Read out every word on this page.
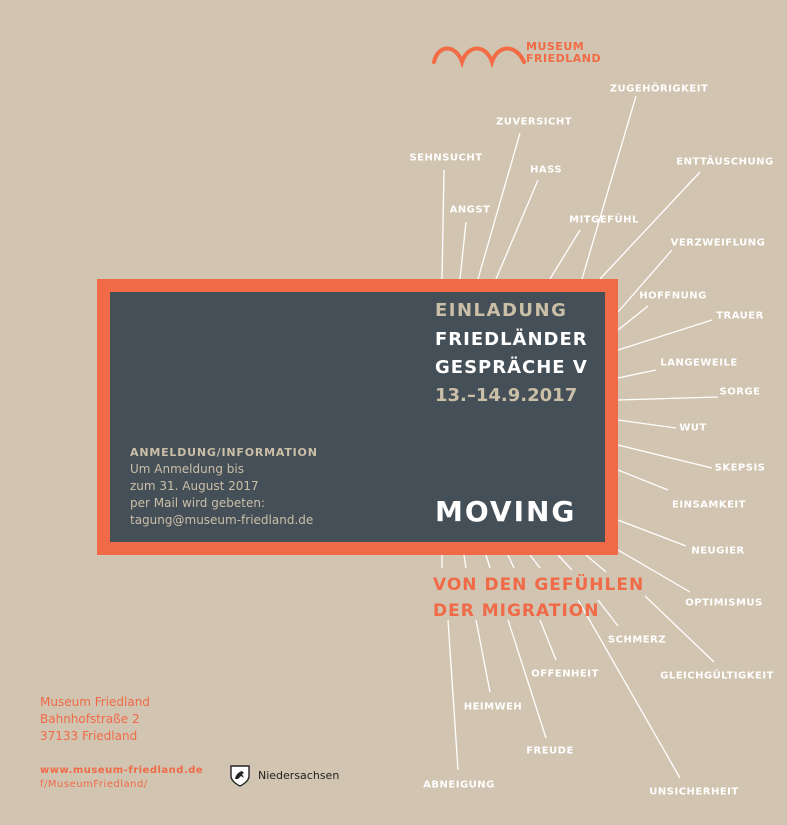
MUSEUM
FRIEDLAND
ZUGEHÖRIGKEIT
ZUVERSICHT
ENTTÄUSCHUNG
SEHNSUCHT
HASS
ANGST
MITGEFÜHL
VERZWEIFLUNG
HOFFNUNG
TRAUER
LANGEWEILE
SORGE
WUT
SKEPSIS
EINSAMKEIT
NEUGIER
OPTIMISMUS
SCHMERZ
GLEICHGÜLTIGKEIT
OFFENHEIT
HEIMWEH
FREUDE
ABNEIGUNG
UNSICHERHEIT
EINLADUNG
FRIEDLÄNDER
GESPRÄCHE V
13.–14.9.2017
ANMELDUNG/INFORMATION
Um Anmeldung bis
zum 31. August 2017
per Mail wird gebeten:
tagung@museum-friedland.de	MOVING
VON DEN GEFÜHLEN
DER MIGRATION
Museum Friedland
Bahnhofstraße 2
37133 Friedland
www.museum-friedland.de
f/MuseumFriedland/
Niedersachsen
